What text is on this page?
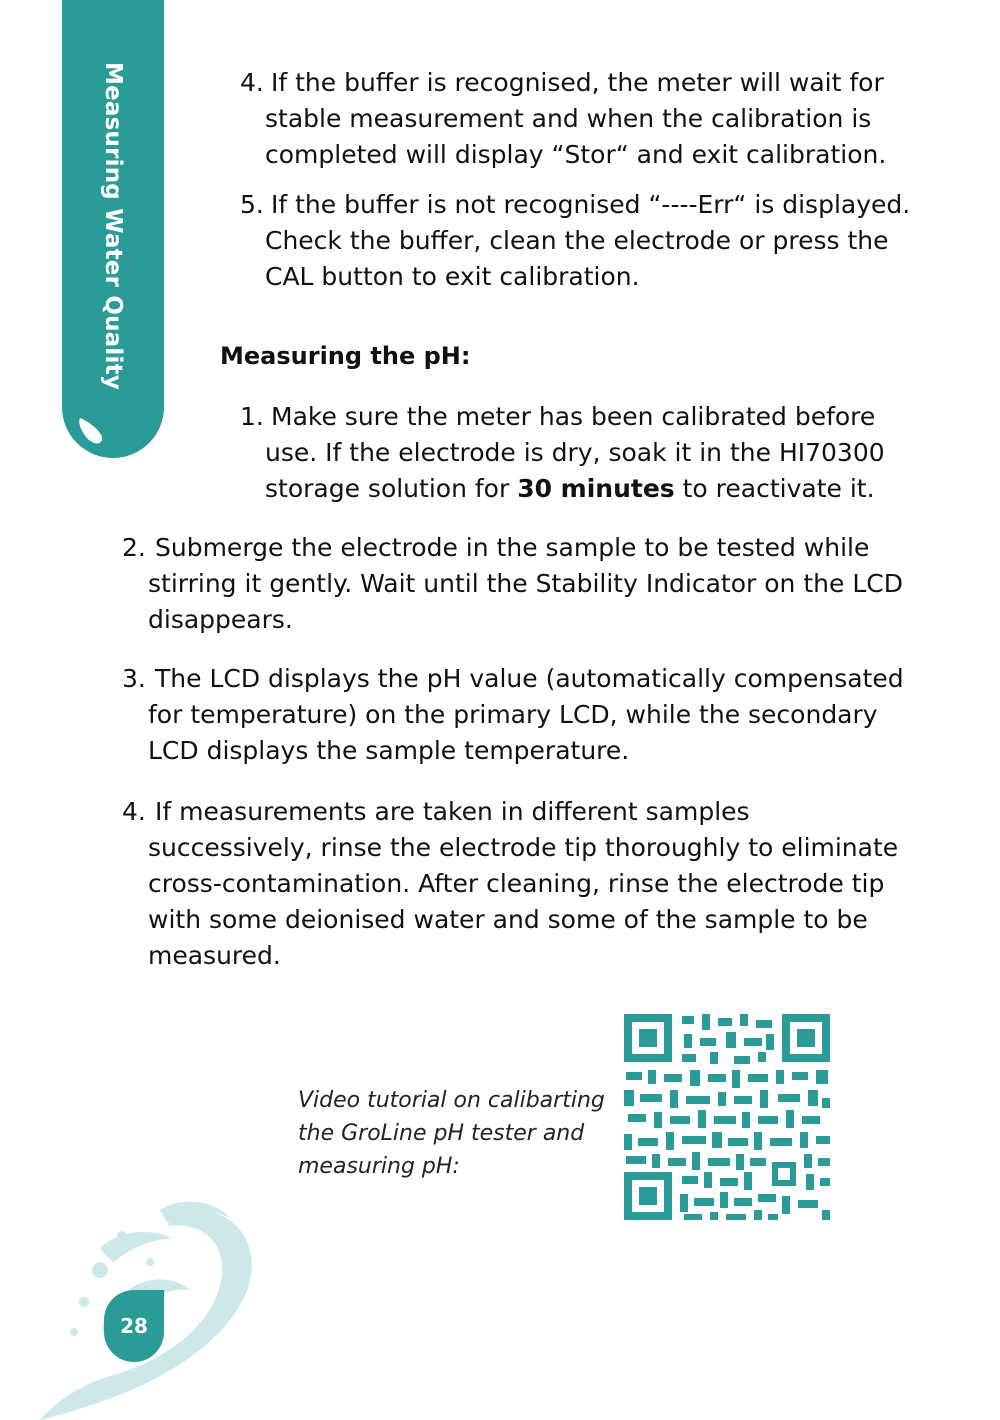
Measuring Water Quality	4. If the buffer is recognised, the meter will wait for stable measurement and when the calibration is completed will display “Stor“ and exit calibration.
5. If the buffer is not recognised “----Err“ is displayed. Check the buffer, clean the electrode or press the CAL button to exit calibration.
Measuring the pH:
1. Make sure the meter has been calibrated before use. If the electrode is dry, soak it in the HI70300 storage solution for 30 minutes to reactivate it.
2. Submerge the electrode in the sample to be tested while stirring it gently. Wait until the Stability Indicator on the LCD disappears.
3. The LCD displays the pH value (automatically compensated for temperature) on the primary LCD, while the secondary LCD displays the sample temperature.
4. If measurements are taken in different samples successively, rinse the electrode tip thoroughly to eliminate cross-contamination. After cleaning, rinse the electrode tip with some deionised water and some of the sample to be measured.
Video tutorial on calibarting the GroLine pH tester and measuring pH:
28
